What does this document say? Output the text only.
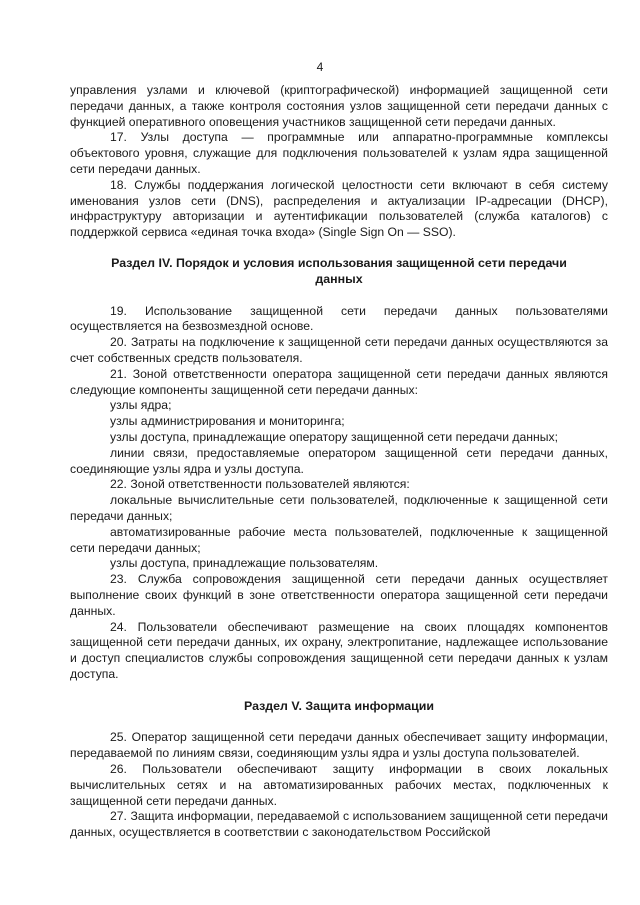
4

управления узлами и ключевой (криптографической) информацией защищенной сети передачи данных, а также контроля состояния узлов защищенной сети передачи данных с функцией оперативного оповещения участников защищенной сети передачи данных.

17. Узлы доступа — программные или аппаратно-программные комплексы объектового уровня, служащие для подключения пользователей к узлам ядра защищенной сети передачи данных.

18. Службы поддержания логической целостности сети включают в себя систему именования узлов сети (DNS), распределения и актуализации IP-адресации (DHCP), инфраструктуру авторизации и аутентификации пользователей (служба каталогов) с поддержкой сервиса «единая точка входа» (Single Sign On — SSO).

Раздел IV. Порядок и условия использования защищенной сети передачи данных

19. Использование защищенной сети передачи данных пользователями осуществляется на безвозмездной основе.

20. Затраты на подключение к защищенной сети передачи данных осуществляются за счет собственных средств пользователя.

21. Зоной ответственности оператора защищенной сети передачи данных являются следующие компоненты защищенной сети передачи данных:

узлы ядра;

узлы администрирования и мониторинга;

узлы доступа, принадлежащие оператору защищенной сети передачи данных;

линии связи, предоставляемые оператором защищенной сети передачи данных, соединяющие узлы ядра и узлы доступа.

22. Зоной ответственности пользователей являются:

локальные вычислительные сети пользователей, подключенные к защищенной сети передачи данных;

автоматизированные рабочие места пользователей, подключенные к защищенной сети передачи данных;

узлы доступа, принадлежащие пользователям.

23. Служба сопровождения защищенной сети передачи данных осуществляет выполнение своих функций в зоне ответственности оператора защищенной сети передачи данных.

24. Пользователи обеспечивают размещение на своих площадях компонентов защищенной сети передачи данных, их охрану, электропитание, надлежащее использование и доступ специалистов службы сопровождения защищенной сети передачи данных к узлам доступа.

Раздел V. Защита информации

25. Оператор защищенной сети передачи данных обеспечивает защиту информации, передаваемой по линиям связи, соединяющим узлы ядра и узлы доступа пользователей.

26. Пользователи обеспечивают защиту информации в своих локальных вычислительных сетях и на автоматизированных рабочих местах, подключенных к защищенной сети передачи данных.

27. Защита информации, передаваемой с использованием защищенной сети передачи данных, осуществляется в соответствии с законодательством Российской
